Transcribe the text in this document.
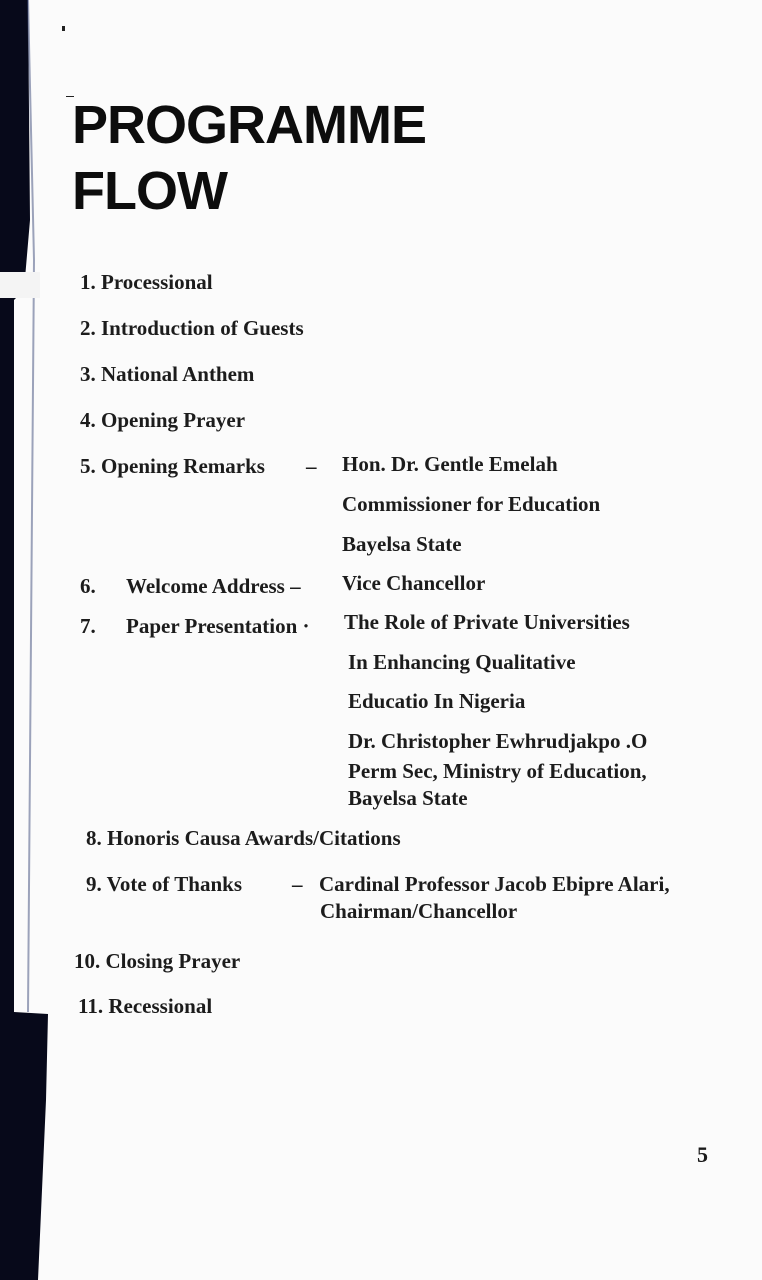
PROGRAMME
FLOW
1. Processional
2. Introduction of Guests
3. National Anthem
4. Opening Prayer
5. Opening Remarks – Hon. Dr. Gentle Emelah
Commissioner for Education
Bayelsa State
6. Welcome Address – Vice Chancellor
7. Paper Presentation · The Role of Private Universities
In Enhancing Qualitative
Educatio In Nigeria
Dr. Christopher Ewhrudjakpo .O
Perm Sec, Ministry of Education,
Bayelsa State
8. Honoris Causa Awards/Citations
9. Vote of Thanks – Cardinal Professor Jacob Ebipre Alari,
Chairman/Chancellor
10. Closing Prayer
11. Recessional
5
